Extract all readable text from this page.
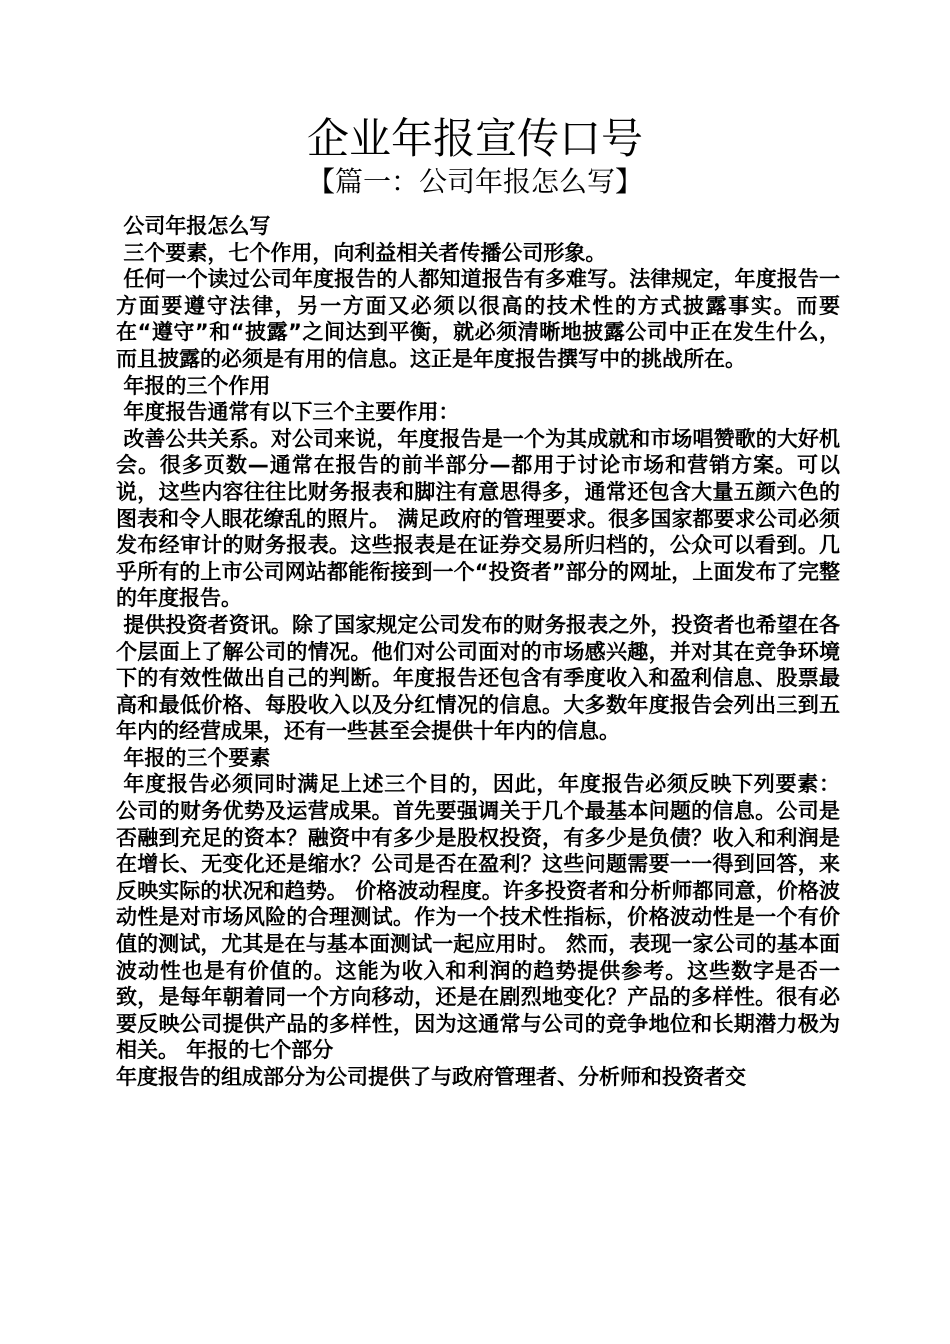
企业年报宣传口号
【篇一：公司年报怎么写】

公司年报怎么写

三个要素，七个作用，向利益相关者传播公司形象。

任何一个读过公司年度报告的人都知道报告有多难写。法律规定，年度报告一方面要遵守法律，另一方面又必须以很高的技术性的方式披露事实。而要在“遵守”和“披露”之间达到平衡，就必须清晰地披露公司中正在发生什么，而且披露的必须是有用的信息。这正是年度报告撰写中的挑战所在。

年报的三个作用

年度报告通常有以下三个主要作用：

改善公共关系。对公司来说，年度报告是一个为其成就和市场唱赞歌的大好机会。很多页数—通常在报告的前半部分—都用于讨论市场和营销方案。可以说，这些内容往往比财务报表和脚注有意思得多，通常还包含大量五颜六色的图表和令人眼花缭乱的照片。 满足政府的管理要求。很多国家都要求公司必须发布经审计的财务报表。这些报表是在证券交易所归档的，公众可以看到。几乎所有的上市公司网站都能衔接到一个“投资者”部分的网址，上面发布了完整的年度报告。

提供投资者资讯。除了国家规定公司发布的财务报表之外，投资者也希望在各个层面上了解公司的情况。他们对公司面对的市场感兴趣，并对其在竞争环境下的有效性做出自己的判断。年度报告还包含有季度收入和盈利信息、股票最高和最低价格、每股收入以及分红情况的信息。大多数年度报告会列出三到五年内的经营成果，还有一些甚至会提供十年内的信息。

年报的三个要素

年度报告必须同时满足上述三个目的，因此，年度报告必须反映下列要素： 公司的财务优势及运营成果。首先要强调关于几个最基本问题的信息。公司是否融到充足的资本？融资中有多少是股权投资，有多少是负债？收入和利润是在增长、无变化还是缩水？公司是否在盈利？这些问题需要一一得到回答，来反映实际的状况和趋势。 价格波动程度。许多投资者和分析师都同意，价格波动性是对市场风险的合理测试。作为一个技术性指标，价格波动性是一个有价值的测试，尤其是在与基本面测试一起应用时。 然而，表现一家公司的基本面波动性也是有价值的。这能为收入和利润的趋势提供参考。这些数字是否一致，是每年朝着同一个方向移动，还是在剧烈地变化？产品的多样性。很有必要反映公司提供产品的多样性，因为这通常与公司的竞争地位和长期潜力极为相关。 年报的七个部分

年度报告的组成部分为公司提供了与政府管理者、分析师和投资者交
